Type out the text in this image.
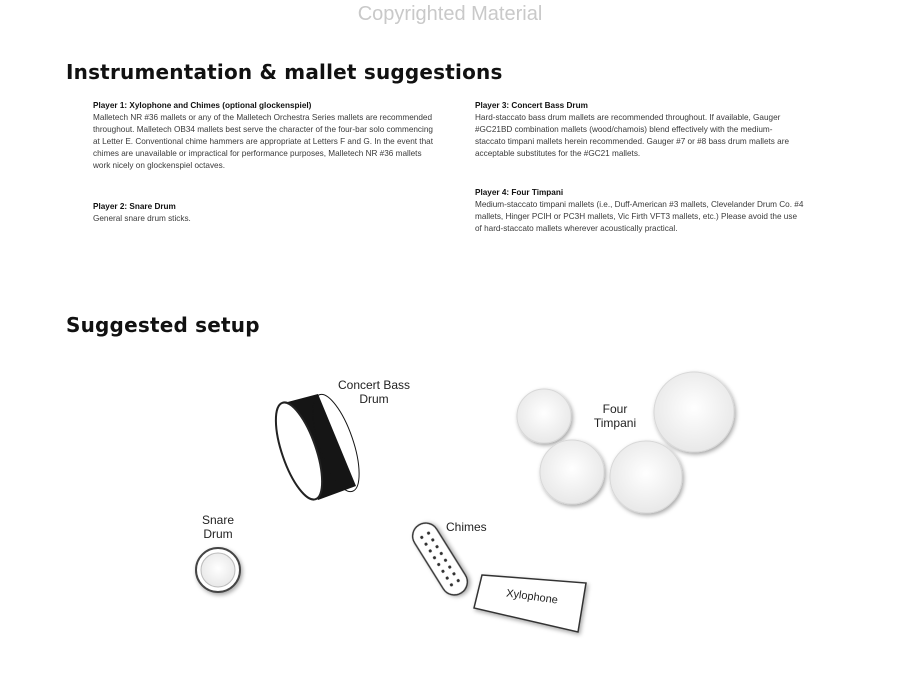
Copyrighted Material
Instrumentation & mallet suggestions
Player 1: Xylophone and Chimes (optional glockenspiel)
Malletech NR #36 mallets or any of the Malletech Orchestra Series mallets are recommended throughout. Malletech OB34 mallets best serve the character of the four-bar solo commencing at Letter E. Conventional chime hammers are appropriate at Letters F and G. In the event that chimes are unavailable or impractical for performance purposes, Malletech NR #36 mallets work nicely on glockenspiel octaves.
Player 2: Snare Drum
General snare drum sticks.
Player 3: Concert Bass Drum
Hard-staccato bass drum mallets are recommended throughout. If available, Gauger #GC21BD combination mallets (wood/chamois) blend effectively with the medium-staccato timpani mallets herein recommended. Gauger #7 or #8 bass drum mallets are acceptable substitutes for the #GC21 mallets.
Player 4: Four Timpani
Medium-staccato timpani mallets (i.e., Duff-American #3 mallets, Clevelander Drum Co. #4 mallets, Hinger PCIH or PC3H mallets, Vic Firth VFT3 mallets, etc.) Please avoid the use of hard-staccato mallets wherever acoustically practical.
Suggested setup
Concert Bass Drum
Four Timpani
Snare Drum	Chimes
Xylophone
